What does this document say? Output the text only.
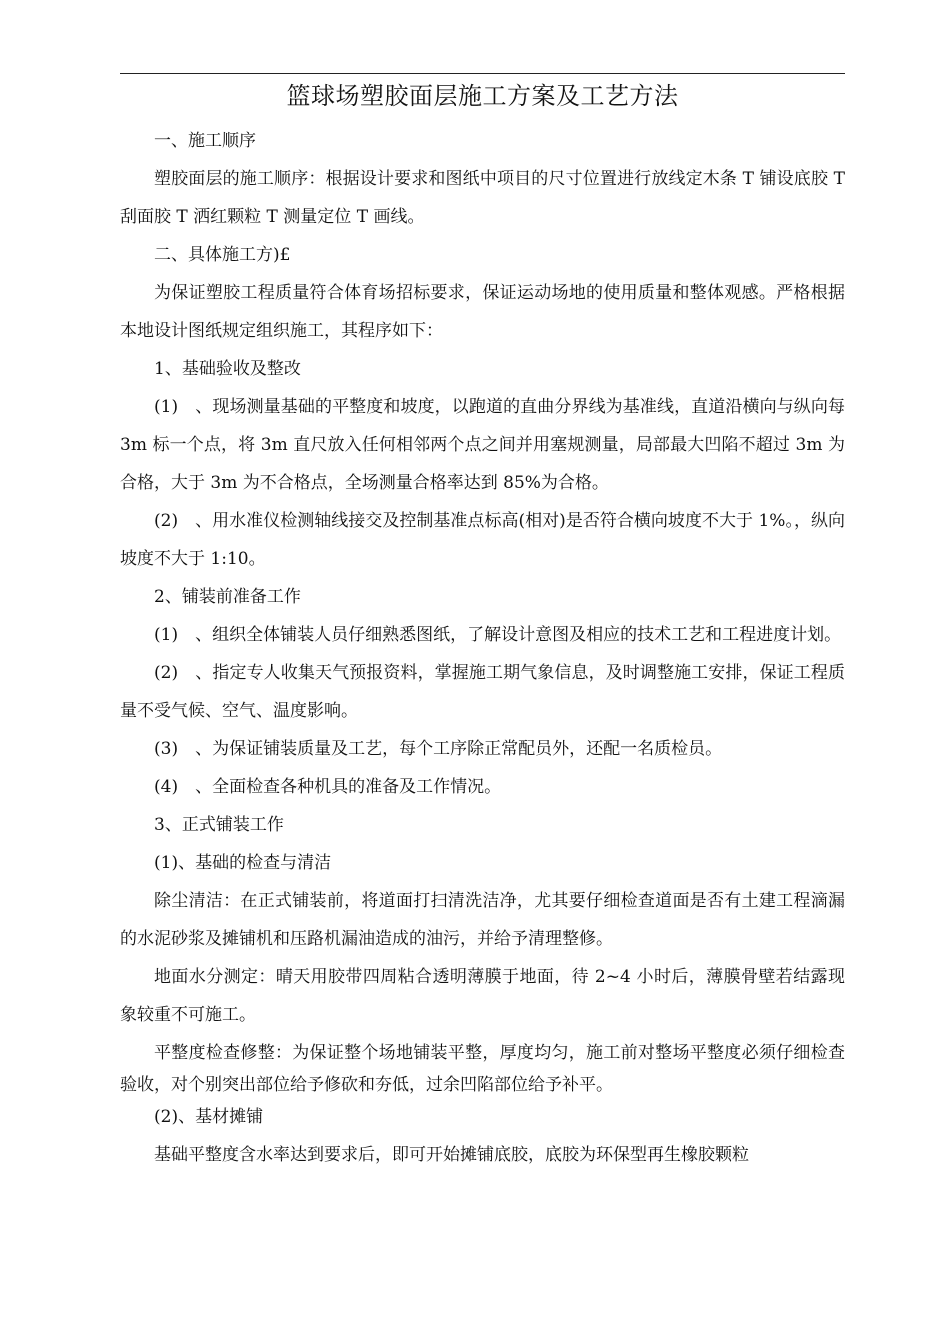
篮球场塑胶面层施工方案及工艺方法

一、施工顺序

塑胶面层的施工顺序：根据设计要求和图纸中项目的尺寸位置进行放线定木条 T 铺设底胶 T 刮面胶 T 洒红颗粒 T 测量定位 T 画线。

二、具体施工方)£

为保证塑胶工程质量符合体育场招标要求，保证运动场地的使用质量和整体观感。严格根据本地设计图纸规定组织施工，其程序如下：

1、基础验收及整改

(1)　、现场测量基础的平整度和坡度，以跑道的直曲分界线为基准线，直道沿横向与纵向每 3m 标一个点，将 3m 直尺放入任何相邻两个点之间并用塞规测量，局部最大凹陷不超过 3m 为合格，大于 3m 为不合格点，全场测量合格率达到 85%为合格。

(2)　、用水准仪检测轴线接交及控制基准点标高(相对)是否符合横向坡度不大于 1%。，纵向坡度不大于 1:10。

2、铺装前准备工作

(1)　、组织全体铺装人员仔细熟悉图纸，了解设计意图及相应的技术工艺和工程进度计划。

(2)　、指定专人收集天气预报资料，掌握施工期气象信息，及时调整施工安排，保证工程质量不受气候、空气、温度影响。

(3)　、为保证铺装质量及工艺，每个工序除正常配员外，还配一名质检员。

(4)　、全面检查各种机具的准备及工作情况。

3、正式铺装工作

(1)、基础的检查与清洁

除尘清洁：在正式铺装前，将道面打扫清洗洁净，尤其要仔细检查道面是否有土建工程滴漏的水泥砂浆及摊铺机和压路机漏油造成的油污，并给予清理整修。

地面水分测定：晴天用胶带四周粘合透明薄膜于地面，待 2~4 小时后，薄膜骨壁若结露现象较重不可施工。

平整度检查修整：为保证整个场地铺装平整，厚度均匀，施工前对整场平整度必须仔细检查验收，对个别突出部位给予修砍和夯低，过余凹陷部位给予补平。

(2)、基材摊铺

基础平整度含水率达到要求后，即可开始摊铺底胶，底胶为环保型再生橡胶颗粒
